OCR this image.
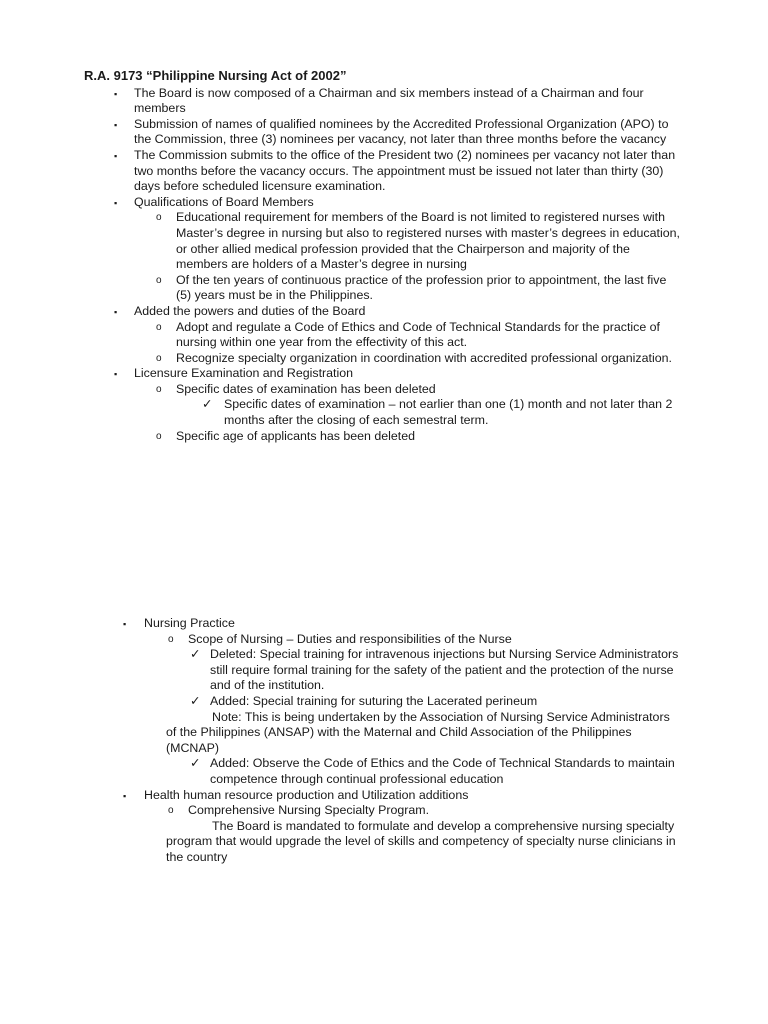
R.A. 9173 “Philippine Nursing Act of 2002”

▪ The Board is now composed of a Chairman and six members instead of a Chairman and four members
▪ Submission of names of qualified nominees by the Accredited Professional Organization (APO) to the Commission, three (3) nominees per vacancy, not later than three months before the vacancy
▪ The Commission submits to the office of the President two (2) nominees per vacancy not later than two months before the vacancy occurs. The appointment must be issued not later than thirty (30) days before scheduled licensure examination.
▪ Qualifications of Board Members
o Educational requirement for members of the Board is not limited to registered nurses with Master’s degree in nursing but also to registered nurses with master’s degrees in education, or other allied medical profession provided that the Chairperson and majority of the members are holders of a Master’s degree in nursing
o Of the ten years of continuous practice of the profession prior to appointment, the last five (5) years must be in the Philippines.
▪ Added the powers and duties of the Board
o Adopt and regulate a Code of Ethics and Code of Technical Standards for the practice of nursing within one year from the effectivity of this act.
o Recognize specialty organization in coordination with accredited professional organization.
▪ Licensure Examination and Registration
o Specific dates of examination has been deleted
✓ Specific dates of examination – not earlier than one (1) month and not later than 2 months after the closing of each semestral term.
o Specific age of applicants has been deleted
▪ Nursing Practice
o Scope of Nursing – Duties and responsibilities of the Nurse
✓ Deleted: Special training for intravenous injections but Nursing Service Administrators still require formal training for the safety of the patient and the protection of the nurse and of the institution.
✓ Added: Special training for suturing the Lacerated perineum
Note: This is being undertaken by the Association of Nursing Service Administrators of the Philippines (ANSAP) with the Maternal and Child Association of the Philippines (MCNAP)
✓ Added: Observe the Code of Ethics and the Code of Technical Standards to maintain competence through continual professional education
▪ Health human resource production and Utilization additions
o Comprehensive Nursing Specialty Program.
The Board is mandated to formulate and develop a comprehensive nursing specialty program that would upgrade the level of skills and competency of specialty nurse clinicians in the country
